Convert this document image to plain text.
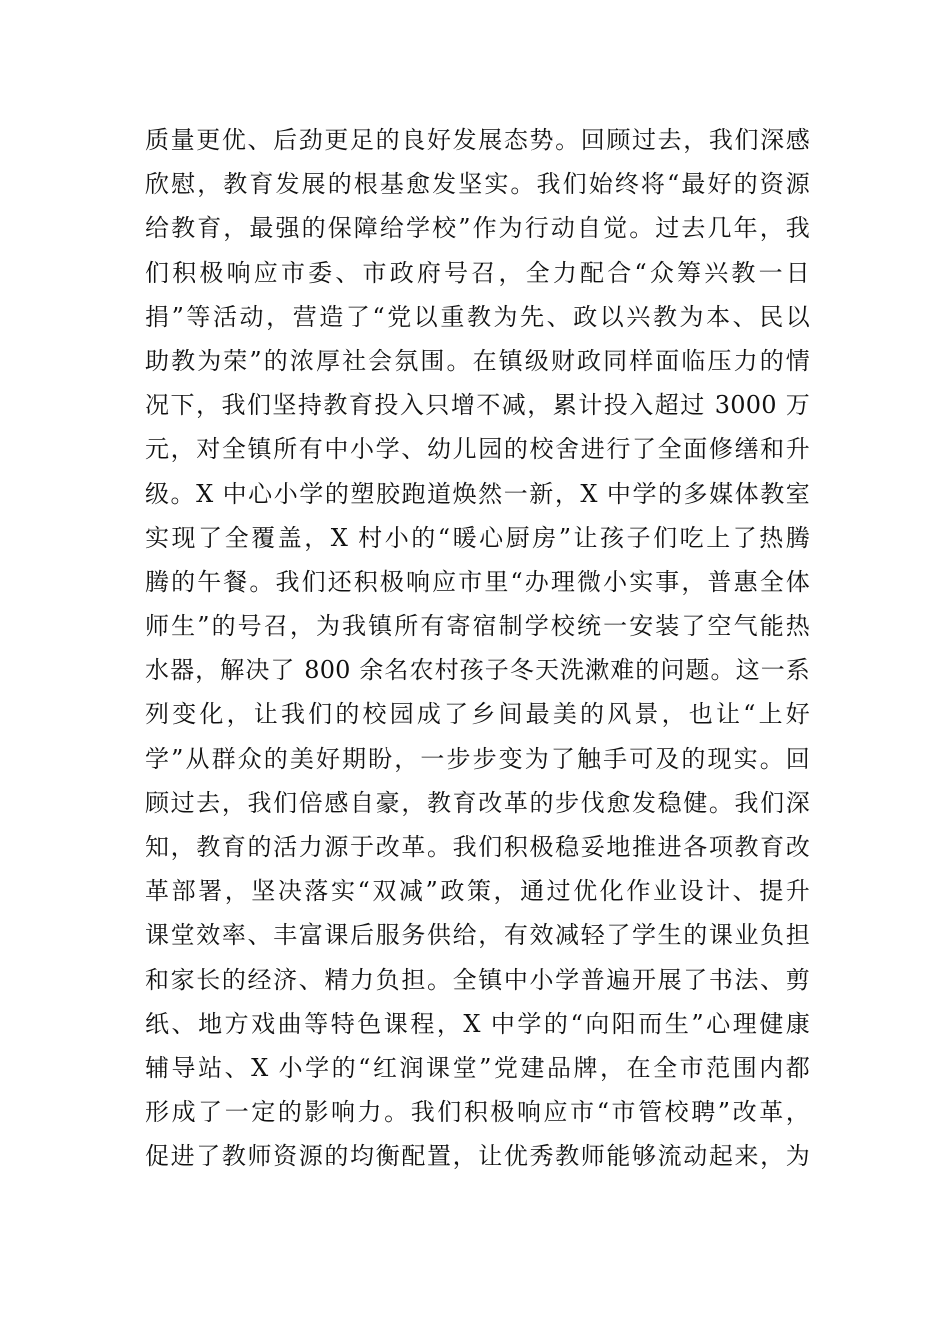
质量更优、后劲更足的良好发展态势。回顾过去，我们深感
欣慰，教育发展的根基愈发坚实。我们始终将“最好的资源
给教育，最强的保障给学校”作为行动自觉。过去几年，我
们积极响应市委、市政府号召，全力配合“众筹兴教一日
捐”等活动，营造了“党以重教为先、政以兴教为本、民以
助教为荣”的浓厚社会氛围。在镇级财政同样面临压力的情
况下，我们坚持教育投入只增不减，累计投入超过 3000 万
元，对全镇所有中小学、幼儿园的校舍进行了全面修缮和升
级。X 中心小学的塑胶跑道焕然一新，X 中学的多媒体教室
实现了全覆盖，X 村小的“暖心厨房”让孩子们吃上了热腾
腾的午餐。我们还积极响应市里“办理微小实事，普惠全体
师生”的号召，为我镇所有寄宿制学校统一安装了空气能热
水器，解决了 800 余名农村孩子冬天洗漱难的问题。这一系
列变化，让我们的校园成了乡间最美的风景，也让“上好
学”从群众的美好期盼，一步步变为了触手可及的现实。回
顾过去，我们倍感自豪，教育改革的步伐愈发稳健。我们深
知，教育的活力源于改革。我们积极稳妥地推进各项教育改
革部署，坚决落实“双减”政策，通过优化作业设计、提升
课堂效率、丰富课后服务供给，有效减轻了学生的课业负担
和家长的经济、精力负担。全镇中小学普遍开展了书法、剪
纸、地方戏曲等特色课程，X 中学的“向阳而生”心理健康
辅导站、X 小学的“红润课堂”党建品牌，在全市范围内都
形成了一定的影响力。我们积极响应市“市管校聘”改革，
促进了教师资源的均衡配置，让优秀教师能够流动起来，为
